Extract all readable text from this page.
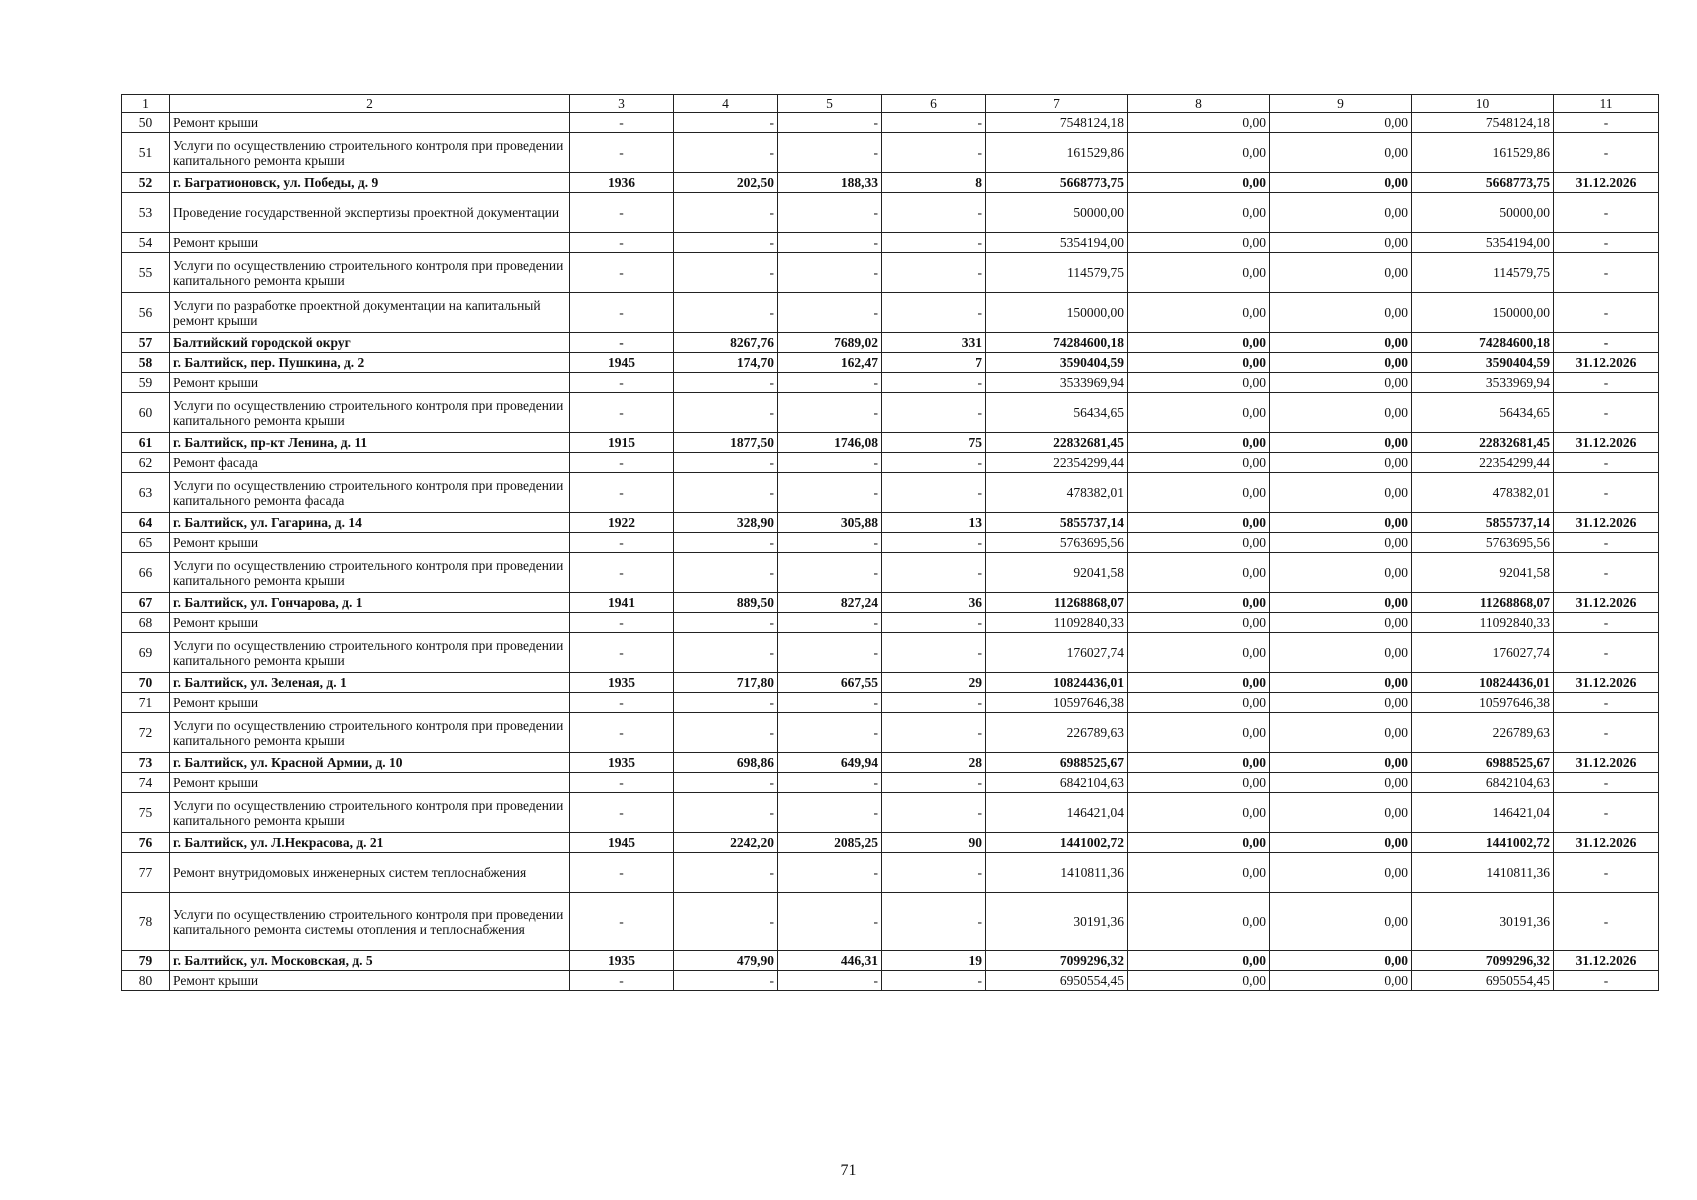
1	2	3	4	5	6	7	8	9	10	11
50	Ремонт крыши	-	-	-	-	7548124,18	0,00	0,00	7548124,18	-
51	Услуги по осуществлению строительного контроля при проведении капитального ремонта крыши	-	-	-	-	161529,86	0,00	0,00	161529,86	-
52	г. Багратионовск, ул. Победы, д. 9	1936	202,50	188,33	8	5668773,75	0,00	0,00	5668773,75	31.12.2026
53	Проведение государственной экспертизы проектной документации	-	-	-	-	50000,00	0,00	0,00	50000,00	-
54	Ремонт крыши	-	-	-	-	5354194,00	0,00	0,00	5354194,00	-
55	Услуги по осуществлению строительного контроля при проведении капитального ремонта крыши	-	-	-	-	114579,75	0,00	0,00	114579,75	-
56	Услуги по разработке проектной документации на капитальный ремонт крыши	-	-	-	-	150000,00	0,00	0,00	150000,00	-
57	Балтийский городской округ	-	8267,76	7689,02	331	74284600,18	0,00	0,00	74284600,18	-
58	г. Балтийск, пер. Пушкина, д. 2	1945	174,70	162,47	7	3590404,59	0,00	0,00	3590404,59	31.12.2026
59	Ремонт крыши	-	-	-	-	3533969,94	0,00	0,00	3533969,94	-
60	Услуги по осуществлению строительного контроля при проведении капитального ремонта крыши	-	-	-	-	56434,65	0,00	0,00	56434,65	-
61	г. Балтийск, пр-кт Ленина, д. 11	1915	1877,50	1746,08	75	22832681,45	0,00	0,00	22832681,45	31.12.2026
62	Ремонт фасада	-	-	-	-	22354299,44	0,00	0,00	22354299,44	-
63	Услуги по осуществлению строительного контроля при проведении капитального ремонта фасада	-	-	-	-	478382,01	0,00	0,00	478382,01	-
64	г. Балтийск, ул. Гагарина, д. 14	1922	328,90	305,88	13	5855737,14	0,00	0,00	5855737,14	31.12.2026
65	Ремонт крыши	-	-	-	-	5763695,56	0,00	0,00	5763695,56	-
66	Услуги по осуществлению строительного контроля при проведении капитального ремонта крыши	-	-	-	-	92041,58	0,00	0,00	92041,58	-
67	г. Балтийск, ул. Гончарова, д. 1	1941	889,50	827,24	36	11268868,07	0,00	0,00	11268868,07	31.12.2026
68	Ремонт крыши	-	-	-	-	11092840,33	0,00	0,00	11092840,33	-
69	Услуги по осуществлению строительного контроля при проведении капитального ремонта крыши	-	-	-	-	176027,74	0,00	0,00	176027,74	-
70	г. Балтийск, ул. Зеленая, д. 1	1935	717,80	667,55	29	10824436,01	0,00	0,00	10824436,01	31.12.2026
71	Ремонт крыши	-	-	-	-	10597646,38	0,00	0,00	10597646,38	-
72	Услуги по осуществлению строительного контроля при проведении капитального ремонта крыши	-	-	-	-	226789,63	0,00	0,00	226789,63	-
73	г. Балтийск, ул. Красной Армии, д. 10	1935	698,86	649,94	28	6988525,67	0,00	0,00	6988525,67	31.12.2026
74	Ремонт крыши	-	-	-	-	6842104,63	0,00	0,00	6842104,63	-
75	Услуги по осуществлению строительного контроля при проведении капитального ремонта крыши	-	-	-	-	146421,04	0,00	0,00	146421,04	-
76	г. Балтийск, ул. Л.Некрасова, д. 21	1945	2242,20	2085,25	90	1441002,72	0,00	0,00	1441002,72	31.12.2026
77	Ремонт внутридомовых инженерных систем теплоснабжения	-	-	-	-	1410811,36	0,00	0,00	1410811,36	-
78	Услуги по осуществлению строительного контроля при проведении капитального ремонта системы отопления и теплоснабжения	-	-	-	-	30191,36	0,00	0,00	30191,36	-
79	г. Балтийск, ул. Московская, д. 5	1935	479,90	446,31	19	7099296,32	0,00	0,00	7099296,32	31.12.2026
80	Ремонт крыши	-	-	-	-	6950554,45	0,00	0,00	6950554,45	-
71
